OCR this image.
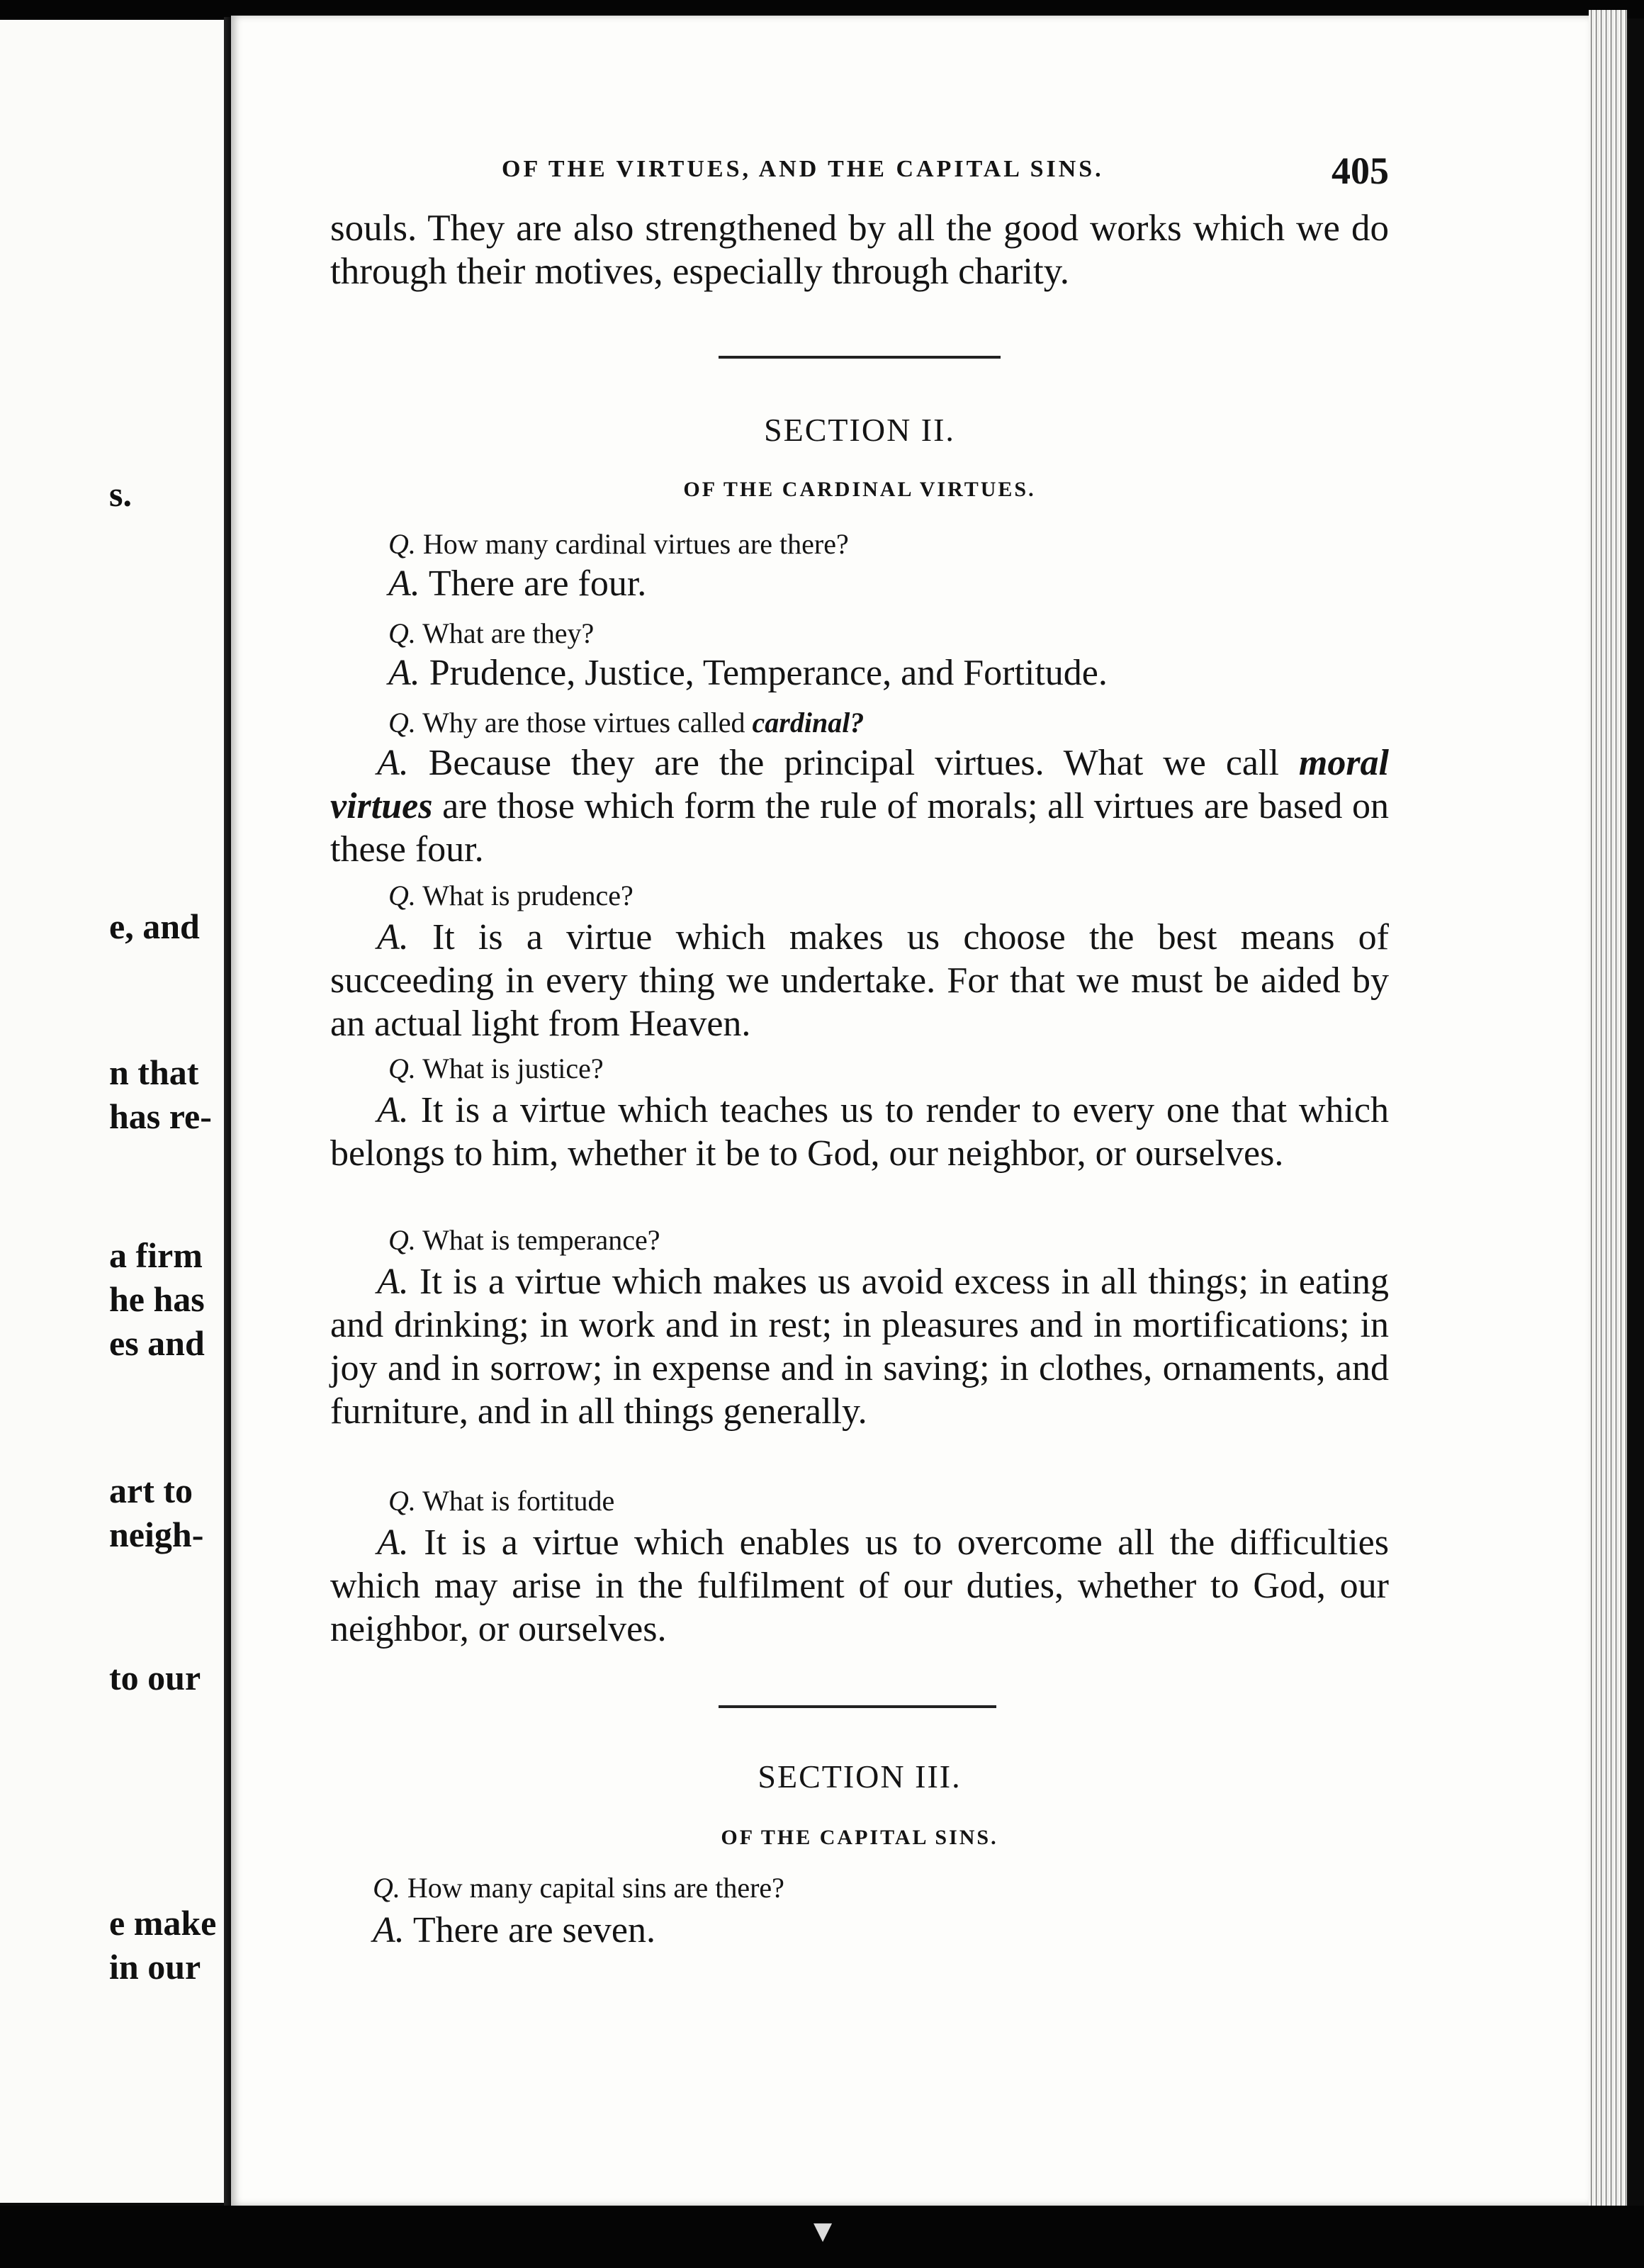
s.
e, and
n that
has re-
a firm
he has
es and
art to
neigh-
to our
e make
in our
OF THE VIRTUES, AND THE CAPITAL SINS.	405

souls. They are also strengthened by all the good works which we do through their motives, especially through charity.

SECTION II.
OF THE CARDINAL VIRTUES.

Q. How many cardinal virtues are there?

A. There are four.

Q. What are they?

A. Prudence, Justice, Temperance, and Fortitude.

Q. Why are those virtues called cardinal?

A. Because they are the principal virtues. What we call moral virtues are those which form the rule of morals; all virtues are based on these four.

Q. What is prudence?

A. It is a virtue which makes us choose the best means of succeeding in every thing we undertake. For that we must be aided by an actual light from Heaven.

Q. What is justice?

A. It is a virtue which teaches us to render to every one that which belongs to him, whether it be to God, our neighbor, or ourselves.

Q. What is temperance?

A. It is a virtue which makes us avoid excess in all things; in eating and drinking; in work and in rest; in pleasures and in mortifications; in joy and in sorrow; in expense and in saving; in clothes, ornaments, and furniture, and in all things generally.

Q. What is fortitude

A. It is a virtue which enables us to overcome all the difficulties which may arise in the fulfilment of our duties, whether to God, our neighbor, or ourselves.

SECTION III.
OF THE CAPITAL SINS.

Q. How many capital sins are there?

A. There are seven.

▼
